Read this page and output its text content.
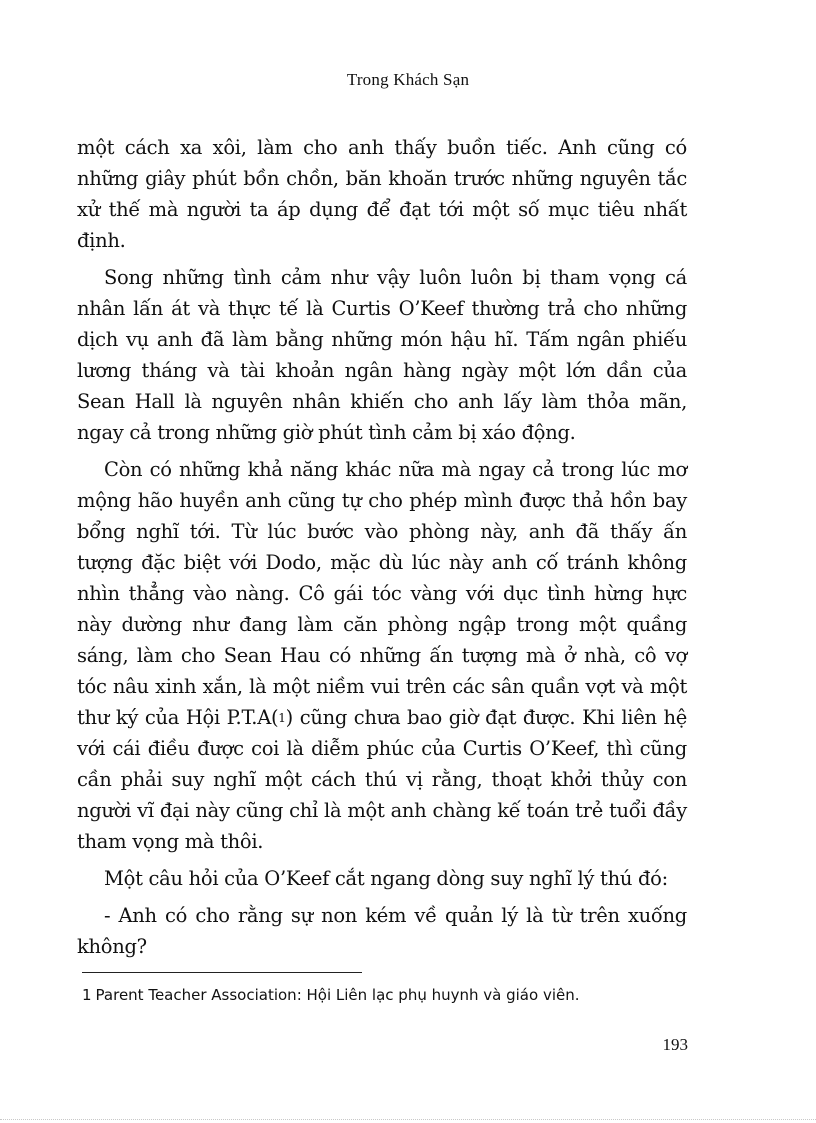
Trong Khách Sạn

một cách xa xôi, làm cho anh thấy buồn tiếc. Anh cũng có những giây phút bồn chồn, băn khoăn trước những nguyên tắc xử thế mà người ta áp dụng để đạt tới một số mục tiêu nhất định.

Song những tình cảm như vậy luôn luôn bị tham vọng cá nhân lấn át và thực tế là Curtis O’Keef thường trả cho những dịch vụ anh đã làm bằng những món hậu hĩ. Tấm ngân phiếu lương tháng và tài khoản ngân hàng ngày một lớn dần của Sean Hall là nguyên nhân khiến cho anh lấy làm thỏa mãn, ngay cả trong những giờ phút tình cảm bị xáo động.

Còn có những khả năng khác nữa mà ngay cả trong lúc mơ mộng hão huyền anh cũng tự cho phép mình được thả hồn bay bổng nghĩ tới. Từ lúc bước vào phòng này, anh đã thấy ấn tượng đặc biệt với Dodo, mặc dù lúc này anh cố tránh không nhìn thẳng vào nàng. Cô gái tóc vàng với dục tình hừng hực này dường như đang làm căn phòng ngập trong một quầng sáng, làm cho Sean Hau có những ấn tượng mà ở nhà, cô vợ tóc nâu xinh xắn, là một niềm vui trên các sân quần vợt và một thư ký của Hội P.T.A($^1$) cũng chưa bao giờ đạt được. Khi liên hệ với cái điều được coi là diễm phúc của Curtis O’Keef, thì cũng cần phải suy nghĩ một cách thú vị rằng, thoạt khởi thủy con người vĩ đại này cũng chỉ là một anh chàng kế toán trẻ tuổi đầy tham vọng mà thôi.

Một câu hỏi của O’Keef cắt ngang dòng suy nghĩ lý thú đó:

- Anh có cho rằng sự non kém về quản lý là từ trên xuống không?

1 Parent Teacher Association: Hội Liên lạc phụ huynh và giáo viên.
193
